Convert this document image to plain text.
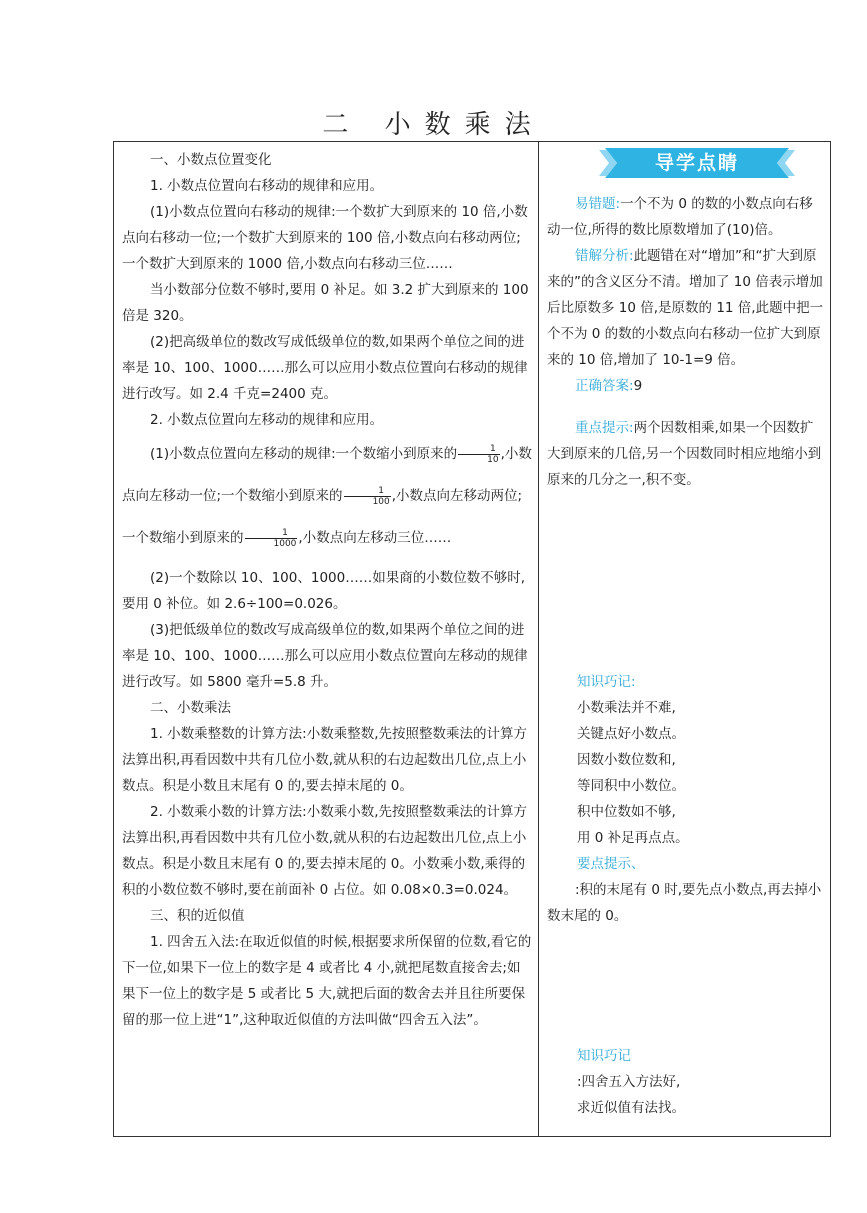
二 小数乘法

一、小数点位置变化

1. 小数点位置向右移动的规律和应用。

(1)小数点位置向右移动的规律:一个数扩大到原来的 10 倍,小数点向右移动一位;一个数扩大到原来的 100 倍,小数点向右移动两位;一个数扩大到原来的 1000 倍,小数点向右移动三位……

当小数部分位数不够时,要用 0 补足。如 3.2 扩大到原来的 100 倍是 320。

(2)把高级单位的数改写成低级单位的数,如果两个单位之间的进率是 10、100、1000……那么可以应用小数点位置向右移动的规律进行改写。如 2.4 千克=2400 克。

2. 小数点位置向左移动的规律和应用。

(1)小数点位置向左移动的规律:一个数缩小到原来的 $\frac{1}{10}$ ,小数点向左移动一位;一个数缩小到原来的 $\frac{1}{100}$ ,小数点向左移动两位;一个数缩小到原来的 $\frac{1}{1000}$ ,小数点向左移动三位……

(2)一个数除以 10、100、1000……如果商的小数位数不够时,要用 0 补位。如 2.6÷100=0.026。

(3)把低级单位的数改写成高级单位的数,如果两个单位之间的进率是 10、100、1000……那么可以应用小数点位置向左移动的规律进行改写。如 5800 毫升=5.8 升。

二、小数乘法

1. 小数乘整数的计算方法:小数乘整数,先按照整数乘法的计算方法算出积,再看因数中共有几位小数,就从积的右边起数出几位,点上小数点。积是小数且末尾有 0 的,要去掉末尾的 0。

2. 小数乘小数的计算方法:小数乘小数,先按照整数乘法的计算方法算出积,再看因数中共有几位小数,就从积的右边起数出几位,点上小数点。积是小数且末尾有 0 的,要去掉末尾的 0。小数乘小数,乘得的积的小数位数不够时,要在前面补 0 占位。如 0.08×0.3=0.024。

三、积的近似值

1. 四舍五入法:在取近似值的时候,根据要求所保留的位数,看它的下一位,如果下一位上的数字是 4 或者比 4 小,就把尾数直接舍去;如果下一位上的数字是 5 或者比 5 大,就把后面的数舍去并且往所要保留的那一位上进“1”,这种取近似值的方法叫做“四舍五入法”。

导学点睛

易错题:一个不为 0 的数的小数点向右移动一位,所得的数比原数增加了(10)倍。

错解分析:此题错在对“增加”和“扩大到原来的”的含义区分不清。增加了 10 倍表示增加后比原数多 10 倍,是原数的 11 倍,此题中把一个不为 0 的数的小数点向右移动一位扩大到原来的 10 倍,增加了 10-1=9 倍。

正确答案:9

重点提示:两个因数相乘,如果一个因数扩大到原来的几倍,另一个因数同时相应地缩小到原来的几分之一,积不变。

知识巧记:

小数乘法并不难,

关键点好小数点。

因数小数位数和,

等同积中小数位。

积中位数如不够,

用 0 补足再点点。

要点提示、

:积的末尾有 0 时,要先点小数点,再去掉小数末尾的 0。

知识巧记

:四舍五入方法好,

求近似值有法找。
